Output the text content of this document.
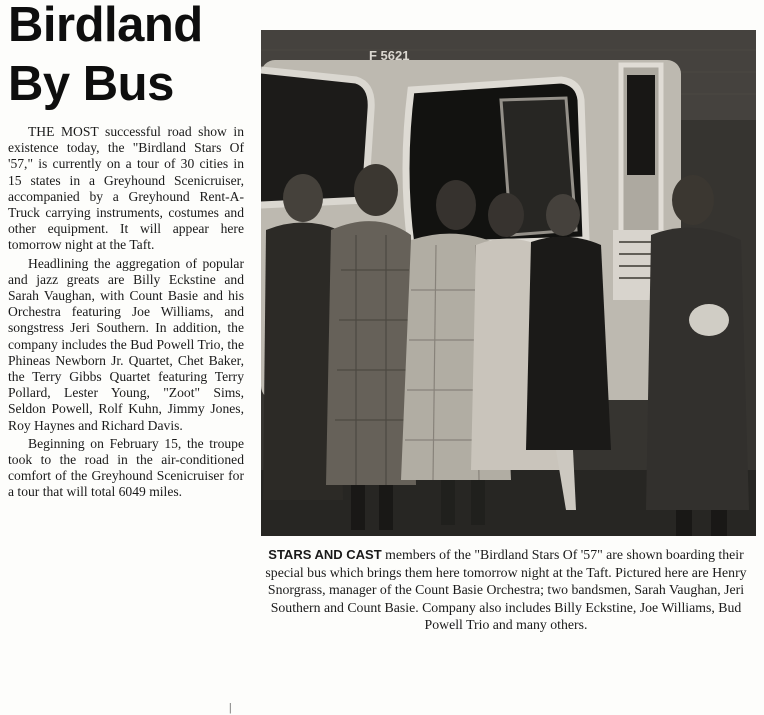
Birdland
By Bus

THE MOST successful road show in existence today, the "Birdland Stars Of '57," is currently on a tour of 30 cities in 15 states in a Greyhound Scenicruiser, accompanied by a Greyhound Rent-A-Truck carrying instruments, costumes and other equipment. It will appear here tomorrow night at the Taft.

Headlining the aggregation of popular and jazz greats are Billy Eckstine and Sarah Vaughan, with Count Basie and his Orchestra featuring Joe Williams, and songstress Jeri Southern. In addition, the company includes the Bud Powell Trio, the Phineas Newborn Jr. Quartet, Chet Baker, the Terry Gibbs Quartet featuring Terry Pollard, Lester Young, "Zoot" Sims, Seldon Powell, Rolf Kuhn, Jimmy Jones, Roy Haynes and Richard Davis.

Beginning on February 15, the troupe took to the road in the air-conditioned comfort of the Greyhound Scenicruiser for a tour that will total 6049 miles.

F 5621
STARS AND CAST members of the "Birdland Stars Of '57" are shown boarding their special bus which brings them here tomorrow night at the Taft. Pictured here are Henry Snorgrass, manager of the Count Basie Orchestra; two bandsmen, Sarah Vaughan, Jeri Southern and Count Basie. Company also includes Billy Eckstine, Joe Williams, Bud Powell Trio and many others.
|
